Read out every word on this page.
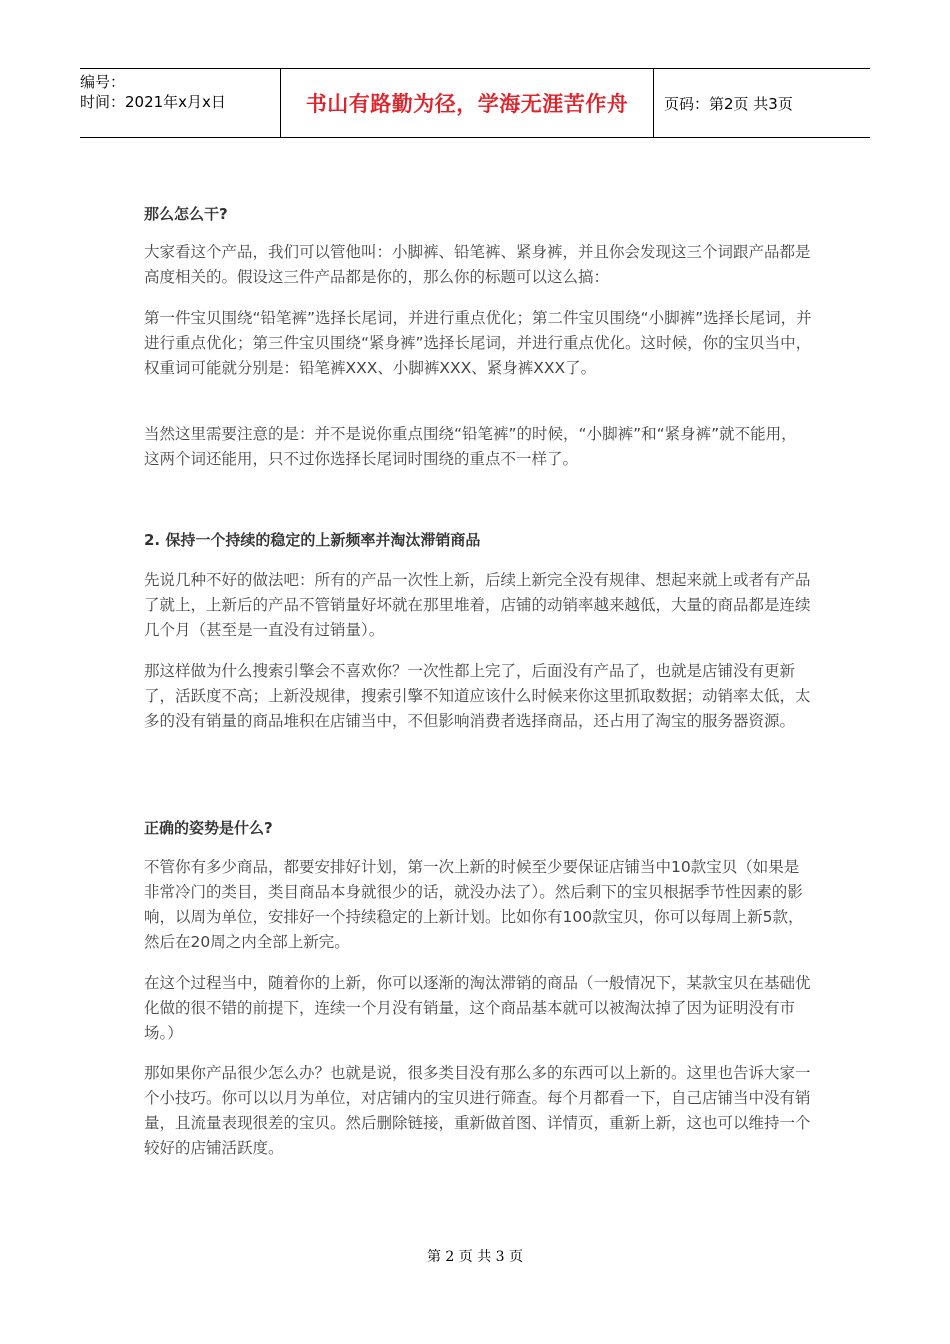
编号：
时间：2021年x月x日	书山有路勤为径，学海无涯苦作舟	页码：第2页 共3页

那么怎么干?

大家看这个产品，我们可以管他叫：小脚裤、铅笔裤、紧身裤，并且你会发现这三个词跟产品都是高度相关的。假设这三件产品都是你的，那么你的标题可以这么搞：

第一件宝贝围绕“铅笔裤”选择长尾词，并进行重点优化；第二件宝贝围绕“小脚裤”选择长尾词，并进行重点优化；第三件宝贝围绕“紧身裤”选择长尾词，并进行重点优化。这时候，你的宝贝当中，权重词可能就分别是：铅笔裤XXX、小脚裤XXX、紧身裤XXX了。

当然这里需要注意的是：并不是说你重点围绕“铅笔裤”的时候，“小脚裤”和“紧身裤”就不能用，这两个词还能用，只不过你选择长尾词时围绕的重点不一样了。

2. 保持一个持续的稳定的上新频率并淘汰滞销商品

先说几种不好的做法吧：所有的产品一次性上新，后续上新完全没有规律、想起来就上或者有产品了就上，上新后的产品不管销量好坏就在那里堆着，店铺的动销率越来越低，大量的商品都是连续几个月（甚至是一直没有过销量）。

那这样做为什么搜索引擎会不喜欢你？一次性都上完了，后面没有产品了，也就是店铺没有更新了，活跃度不高；上新没规律，搜索引擎不知道应该什么时候来你这里抓取数据；动销率太低，太多的没有销量的商品堆积在店铺当中，不但影响消费者选择商品，还占用了淘宝的服务器资源。

正确的姿势是什么?

不管你有多少商品，都要安排好计划，第一次上新的时候至少要保证店铺当中10款宝贝（如果是非常冷门的类目，类目商品本身就很少的话，就没办法了）。然后剩下的宝贝根据季节性因素的影响，以周为单位，安排好一个持续稳定的上新计划。比如你有100款宝贝，你可以每周上新5款，然后在20周之内全部上新完。

在这个过程当中，随着你的上新，你可以逐渐的淘汰滞销的商品（一般情况下，某款宝贝在基础优化做的很不错的前提下，连续一个月没有销量，这个商品基本就可以被淘汰掉了因为证明没有市场。）

那如果你产品很少怎么办？也就是说，很多类目没有那么多的东西可以上新的。这里也告诉大家一个小技巧。你可以以月为单位，对店铺内的宝贝进行筛查。每个月都看一下，自己店铺当中没有销量，且流量表现很差的宝贝。然后删除链接，重新做首图、详情页，重新上新，这也可以维持一个较好的店铺活跃度。

第 2 页 共 3 页
